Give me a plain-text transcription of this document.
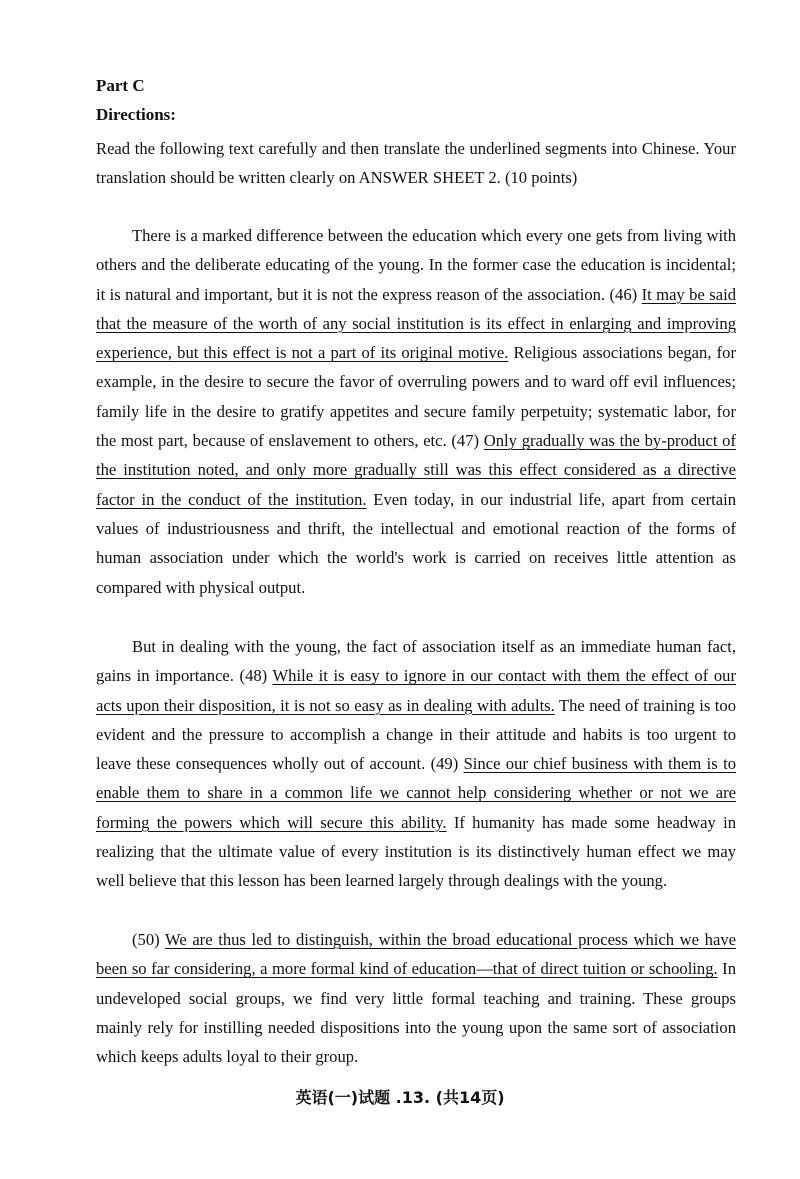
Part C
Directions:

Read the following text carefully and then translate the underlined segments into Chinese. Your translation should be written clearly on ANSWER SHEET 2. (10 points)

There is a marked difference between the education which every one gets from living with others and the deliberate educating of the young. In the former case the education is incidental; it is natural and important, but it is not the express reason of the association. (46) It may be said that the measure of the worth of any social institution is its effect in enlarging and improving experience, but this effect is not a part of its original motive. Religious associations began, for example, in the desire to secure the favor of overruling powers and to ward off evil influences; family life in the desire to gratify appetites and secure family perpetuity; systematic labor, for the most part, because of enslavement to others, etc. (47) Only gradually was the by-product of the institution noted, and only more gradually still was this effect considered as a directive factor in the conduct of the institution. Even today, in our industrial life, apart from certain values of industriousness and thrift, the intellectual and emotional reaction of the forms of human association under which the world's work is carried on receives little attention as compared with physical output.

But in dealing with the young, the fact of association itself as an immediate human fact, gains in importance. (48) While it is easy to ignore in our contact with them the effect of our acts upon their disposition, it is not so easy as in dealing with adults. The need of training is too evident and the pressure to accomplish a change in their attitude and habits is too urgent to leave these consequences wholly out of account. (49) Since our chief business with them is to enable them to share in a common life we cannot help considering whether or not we are forming the powers which will secure this ability. If humanity has made some headway in realizing that the ultimate value of every institution is its distinctively human effect we may well believe that this lesson has been learned largely through dealings with the young.

(50) We are thus led to distinguish, within the broad educational process which we have been so far considering, a more formal kind of education—that of direct tuition or schooling. In undeveloped social groups, we find very little formal teaching and training. These groups mainly rely for instilling needed dispositions into the young upon the same sort of association which keeps adults loyal to their group.

英语(一)试题 .13. (共14页)
